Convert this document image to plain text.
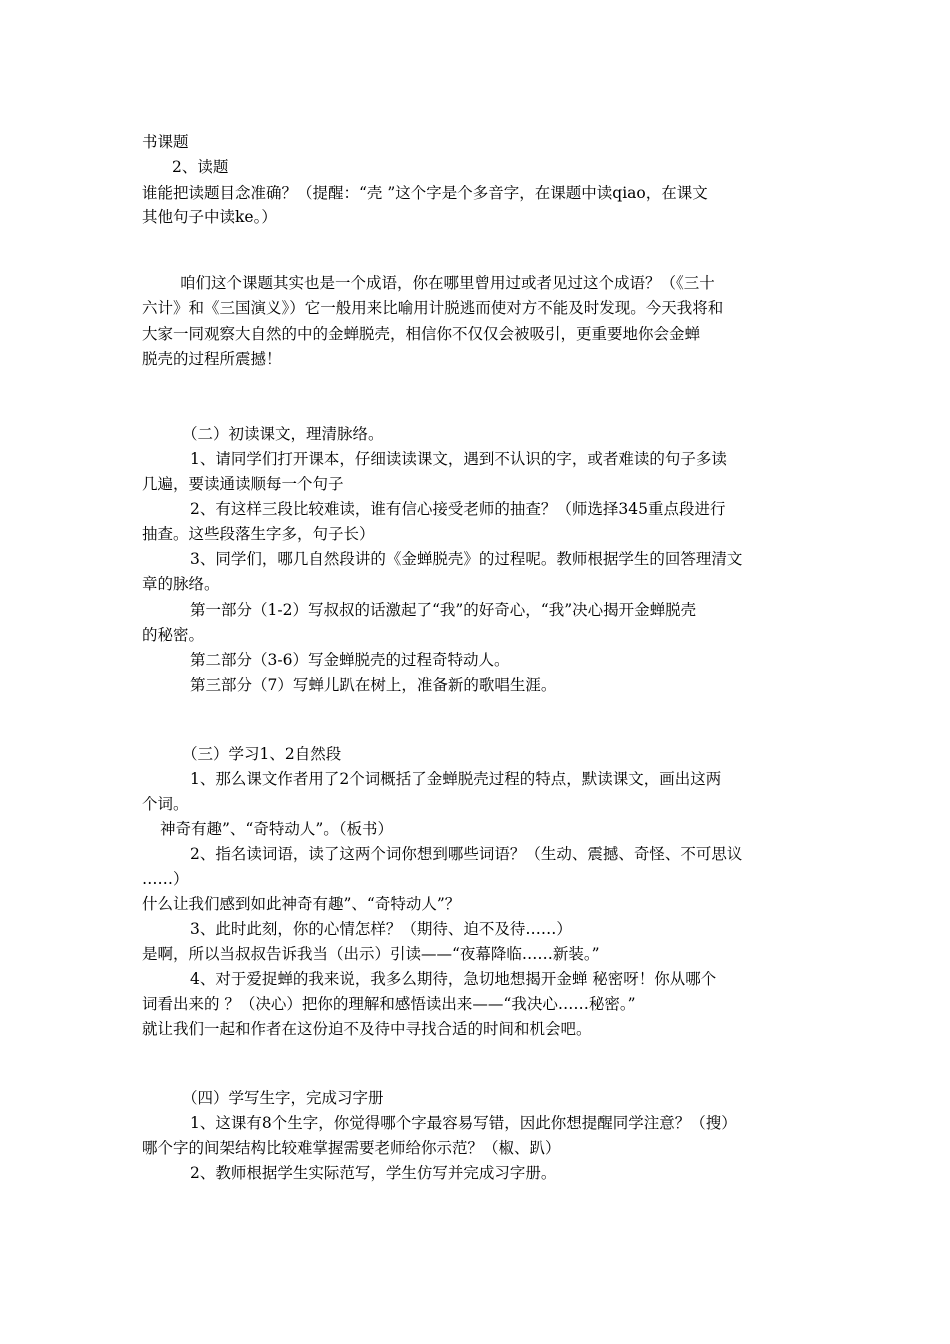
书课题
2、读题
谁能把读题目念准确？（提醒：“壳 ”这个字是个多音字，在课题中读qiao，在课文
其他句子中读ke。）
咱们这个课题其实也是一个成语，你在哪里曾用过或者见过这个成语？（《三十
六计》和《三国演义》）它一般用来比喻用计脱逃而使对方不能及时发现。今天我将和
大家一同观察大自然的中的金蝉脱壳，相信你不仅仅会被吸引，更重要地你会金蝉
脱壳的过程所震撼！
（二）初读课文，理清脉络。
1、请同学们打开课本，仔细读读课文，遇到不认识的字，或者难读的句子多读
几遍，要读通读顺每一个句子
2、有这样三段比较难读，谁有信心接受老师的抽查？（师选择345重点段进行
抽查。这些段落生字多，句子长）
3、同学们，哪几自然段讲的《金蝉脱壳》的过程呢。教师根据学生的回答理清文
章的脉络。
第一部分（1-2）写叔叔的话激起了“我”的好奇心，“我”决心揭开金蝉脱壳
的秘密。
第二部分（3-6）写金蝉脱壳的过程奇特动人。
第三部分（7）写蝉儿趴在树上，准备新的歌唱生涯。
（三）学习1、2自然段
1、那么课文作者用了2个词概括了金蝉脱壳过程的特点，默读课文，画出这两
个词。
神奇有趣”、“奇特动人”。（板书）
2、指名读词语，读了这两个词你想到哪些词语？（生动、震撼、奇怪、不可思议
……）
什么让我们感到如此神奇有趣”、“奇特动人”？
3、此时此刻，你的心情怎样？（期待、迫不及待……）
是啊，所以当叔叔告诉我当（出示）引读——“夜幕降临……新装。”
4、对于爱捉蝉的我来说，我多么期待，急切地想揭开金蝉 秘密呀！你从哪个
词看出来的 ？（决心）把你的理解和感悟读出来——“我决心……秘密。”
就让我们一起和作者在这份迫不及待中寻找合适的时间和机会吧。
（四）学写生字，完成习字册
1、这课有8个生字，你觉得哪个字最容易写错，因此你想提醒同学注意？（搜）
哪个字的间架结构比较难掌握需要老师给你示范？（椒、趴）
2、教师根据学生实际范写，学生仿写并完成习字册。
